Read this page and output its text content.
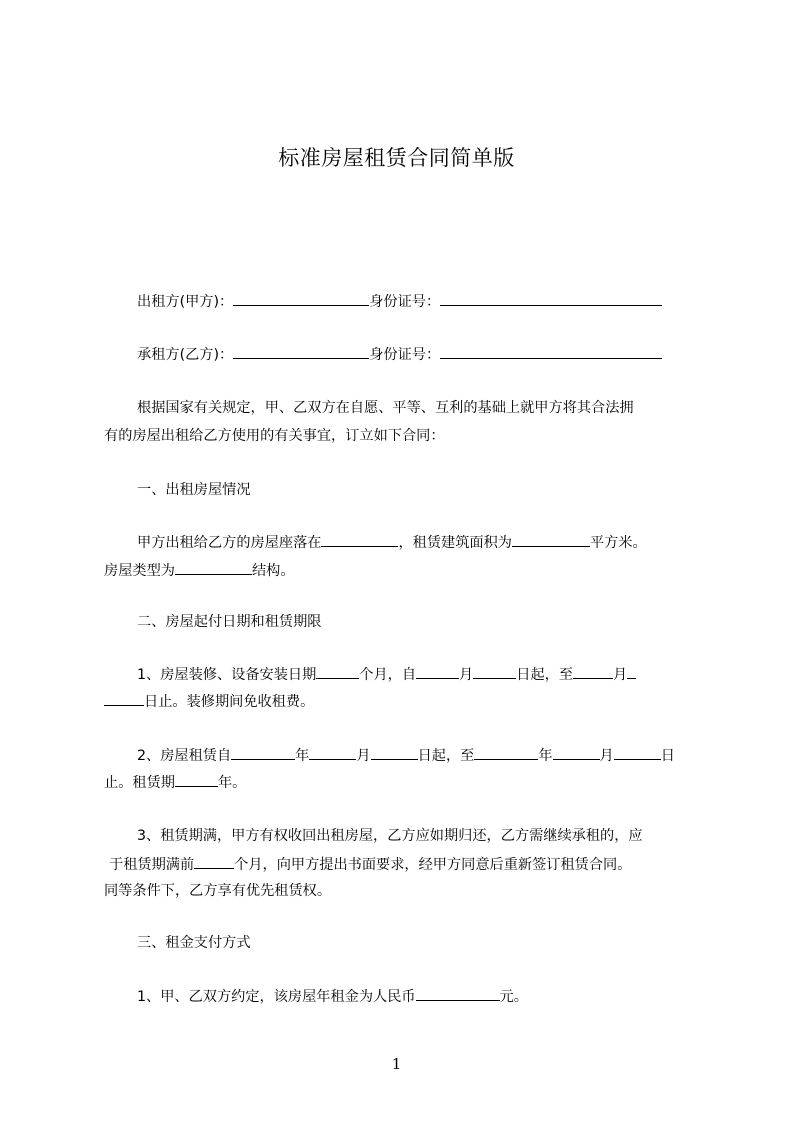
标准房屋租赁合同简单版
出租方(甲方)：	身份证号：
承租方(乙方)：	身份证号：
根据国家有关规定，甲、乙双方在自愿、平等、互利的基础上就甲方将其合法拥
有的房屋出租给乙方使用的有关事宜，订立如下合同：
一、出租房屋情况
甲方出租给乙方的房屋座落在	，租赁建筑面积为	平方米。
房屋类型为	结构。
二、房屋起付日期和租赁期限
1、房屋装修、设备安装日期	个月，自	月	日起，至	月
日止。装修期间免收租费。
2、房屋租赁自	年	月	日起，至	年	月	日
止。租赁期	年。
3、租赁期满，甲方有权收回出租房屋，乙方应如期归还，乙方需继续承租的，应
于租赁期满前	个月，向甲方提出书面要求，经甲方同意后重新签订租赁合同。
同等条件下，乙方享有优先租赁权。
三、租金支付方式
1、甲、乙双方约定，该房屋年租金为人民币	元。
1
